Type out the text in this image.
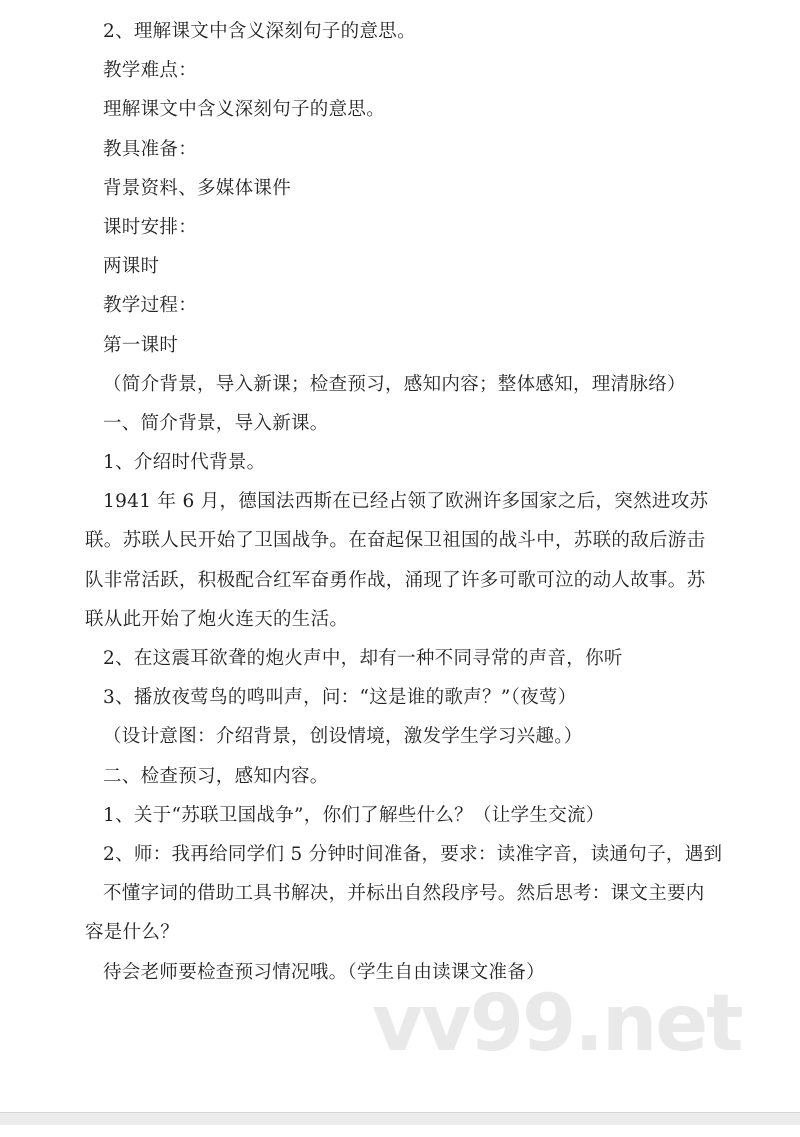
2、理解课文中含义深刻句子的意思。
教学难点：
理解课文中含义深刻句子的意思。
教具准备：
背景资料、多媒体课件
课时安排：
两课时
教学过程：
第一课时
（简介背景，导入新课；检查预习，感知内容；整体感知，理清脉络）
一、简介背景，导入新课。
1、介绍时代背景。
1941 年 6 月，德国法西斯在已经占领了欧洲许多国家之后，突然进攻苏
联。苏联人民开始了卫国战争。在奋起保卫祖国的战斗中，苏联的敌后游击
队非常活跃，积极配合红军奋勇作战，涌现了许多可歌可泣的动人故事。苏
联从此开始了炮火连天的生活。
2、在这震耳欲聋的炮火声中，却有一种不同寻常的声音，你听
3、播放夜莺鸟的鸣叫声，问：“这是谁的歌声？”（夜莺）
（设计意图：介绍背景，创设情境，激发学生学习兴趣。）
二、检查预习，感知内容。
1、关于“苏联卫国战争”，你们了解些什么？（让学生交流）
2、师：我再给同学们 5 分钟时间准备，要求：读准字音，读通句子，遇到
不懂字词的借助工具书解决，并标出自然段序号。然后思考：课文主要内
容是什么？
待会老师要检查预习情况哦。（学生自由读课文准备）
vv99.net
